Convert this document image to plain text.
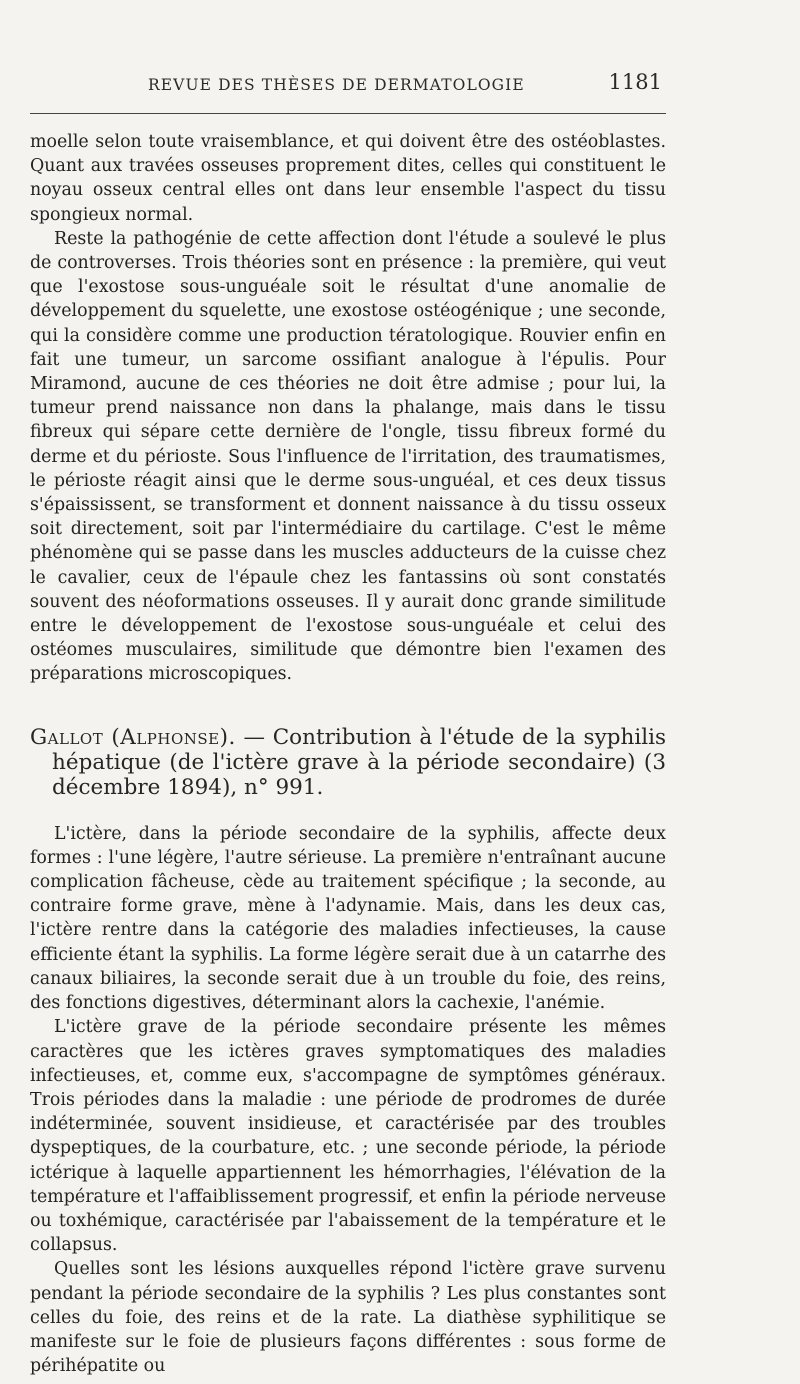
REVUE DES THÈSES DE DERMATOLOGIE	1181

moelle selon toute vraisemblance, et qui doivent être des ostéoblastes. Quant aux travées osseuses proprement dites, celles qui constituent le noyau osseux central elles ont dans leur ensemble l'aspect du tissu spongieux normal.

Reste la pathogénie de cette affection dont l'étude a soulevé le plus de controverses. Trois théories sont en présence : la première, qui veut que l'exostose sous-unguéale soit le résultat d'une anomalie de développement du squelette, une exostose ostéogénique ; une seconde, qui la considère comme une production tératologique. Rouvier enfin en fait une tumeur, un sarcome ossifiant analogue à l'épulis. Pour Miramond, aucune de ces théories ne doit être admise ; pour lui, la tumeur prend naissance non dans la phalange, mais dans le tissu fibreux qui sépare cette dernière de l'ongle, tissu fibreux formé du derme et du périoste. Sous l'influence de l'irritation, des traumatismes, le périoste réagit ainsi que le derme sous-unguéal, et ces deux tissus s'épaississent, se transforment et donnent naissance à du tissu osseux soit directement, soit par l'intermédiaire du cartilage. C'est le même phénomène qui se passe dans les muscles adducteurs de la cuisse chez le cavalier, ceux de l'épaule chez les fantassins où sont constatés souvent des néoformations osseuses. Il y aurait donc grande similitude entre le développement de l'exostose sous-unguéale et celui des ostéomes musculaires, similitude que démontre bien l'examen des préparations microscopiques.

Gallot (Alphonse). — Contribution à l'étude de la syphilis hépatique (de l'ictère grave à la période secondaire) (3 décembre 1894), n° 991.

L'ictère, dans la période secondaire de la syphilis, affecte deux formes : l'une légère, l'autre sérieuse. La première n'entraînant aucune complication fâcheuse, cède au traitement spécifique ; la seconde, au contraire forme grave, mène à l'adynamie. Mais, dans les deux cas, l'ictère rentre dans la catégorie des maladies infectieuses, la cause efficiente étant la syphilis. La forme légère serait due à un catarrhe des canaux biliaires, la seconde serait due à un trouble du foie, des reins, des fonctions digestives, déterminant alors la cachexie, l'anémie.

L'ictère grave de la période secondaire présente les mêmes caractères que les ictères graves symptomatiques des maladies infectieuses, et, comme eux, s'accompagne de symptômes généraux. Trois périodes dans la maladie : une période de prodromes de durée indéterminée, souvent insidieuse, et caractérisée par des troubles dyspeptiques, de la courbature, etc. ; une seconde période, la période ictérique à laquelle appartiennent les hémorrhagies, l'élévation de la température et l'affaiblissement progressif, et enfin la période nerveuse ou toxhémique, caractérisée par l'abaissement de la température et le collapsus.

Quelles sont les lésions auxquelles répond l'ictère grave survenu pendant la période secondaire de la syphilis ? Les plus constantes sont celles du foie, des reins et de la rate. La diathèse syphilitique se manifeste sur le foie de plusieurs façons différentes : sous forme de périhépatite ou
